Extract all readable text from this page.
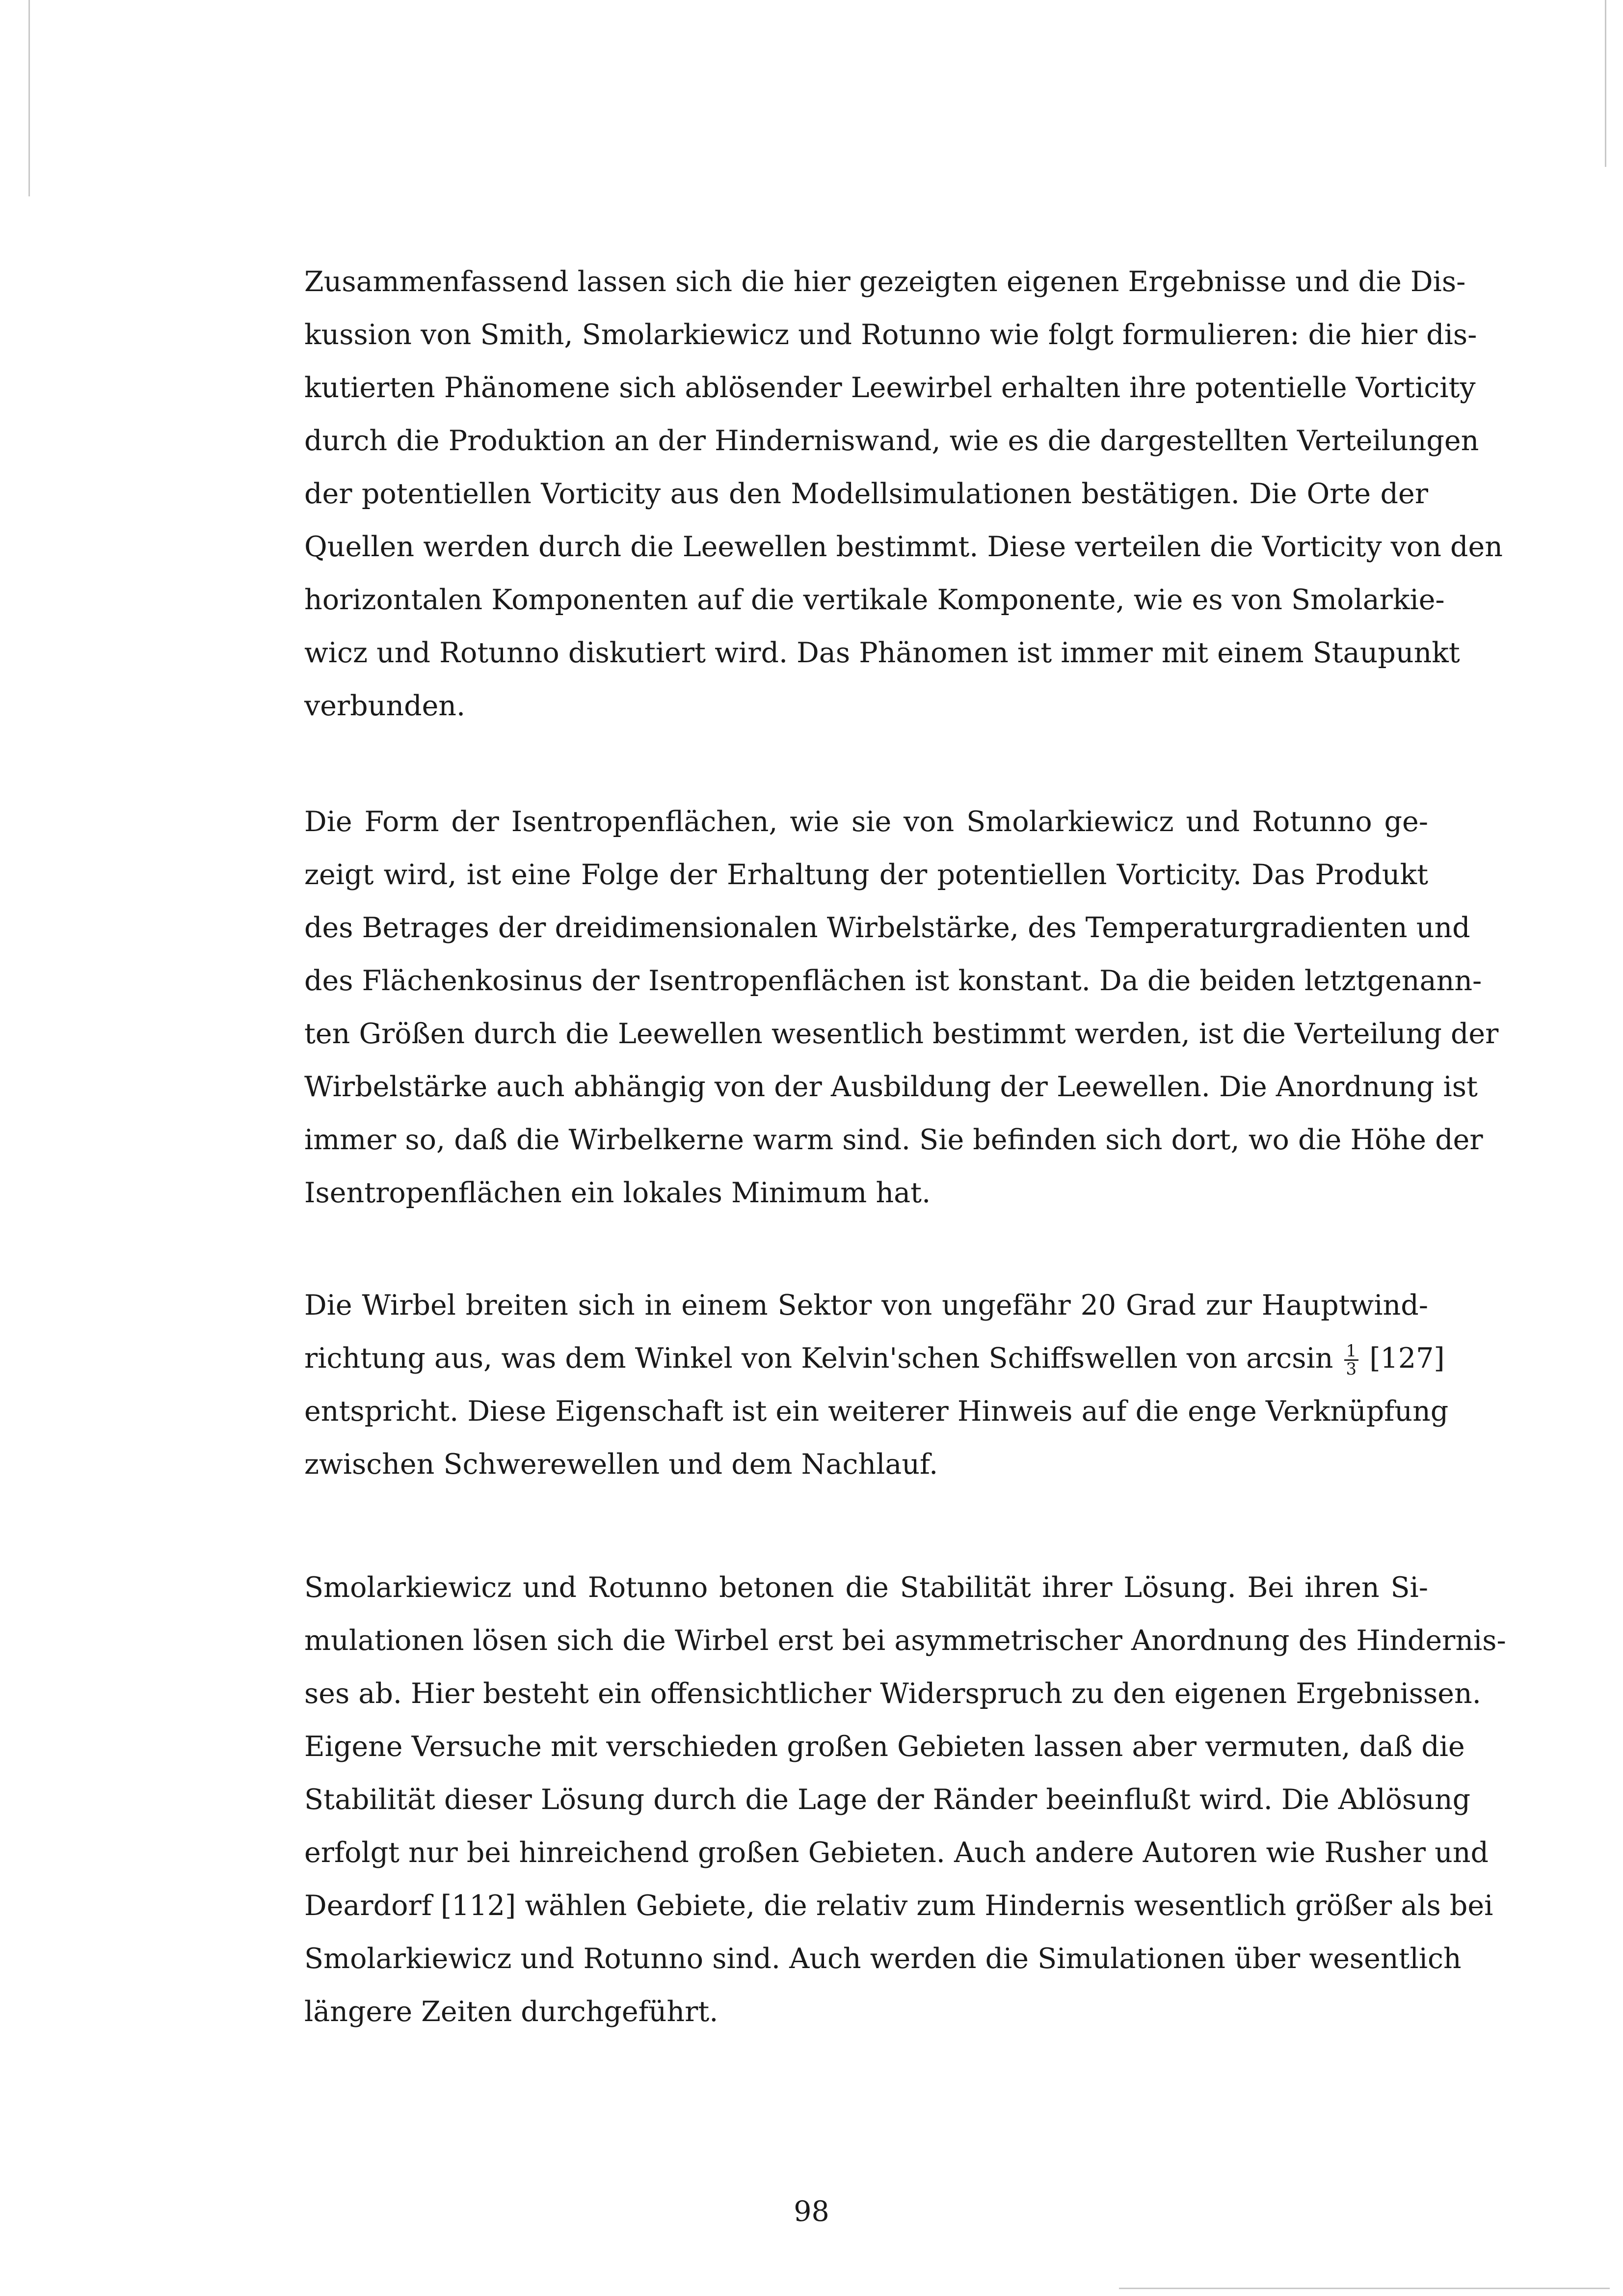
Zusammenfassend lassen sich die hier gezeigten eigenen Ergebnisse und die Dis-
kussion von Smith, Smolarkiewicz und Rotunno wie folgt formulieren: die hier dis-
kutierten Phänomene sich ablösender Leewirbel erhalten ihre potentielle Vorticity
durch die Produktion an der Hinderniswand, wie es die dargestellten Verteilungen
der potentiellen Vorticity aus den Modellsimulationen bestätigen. Die Orte der
Quellen werden durch die Leewellen bestimmt. Diese verteilen die Vorticity von den
horizontalen Komponenten auf die vertikale Komponente, wie es von Smolarkie-
wicz und Rotunno diskutiert wird. Das Phänomen ist immer mit einem Staupunkt
verbunden.
Die Form der Isentropenflächen, wie sie von Smolarkiewicz und Rotunno ge-
zeigt wird, ist eine Folge der Erhaltung der potentiellen Vorticity. Das Produkt
des Betrages der dreidimensionalen Wirbelstärke, des Temperaturgradienten und
des Flächenkosinus der Isentropenflächen ist konstant. Da die beiden letztgenann-
ten Größen durch die Leewellen wesentlich bestimmt werden, ist die Verteilung der
Wirbelstärke auch abhängig von der Ausbildung der Leewellen. Die Anordnung ist
immer so, daß die Wirbelkerne warm sind. Sie befinden sich dort, wo die Höhe der
Isentropenflächen ein lokales Minimum hat.
Die Wirbel breiten sich in einem Sektor von ungefähr 20 Grad zur Hauptwind-
richtung aus, was dem Winkel von Kelvin'schen Schiffswellen von $\arcsin \frac{1}{3} [127]$
entspricht. Diese Eigenschaft ist ein weiterer Hinweis auf die enge Verknüpfung
zwischen Schwerewellen und dem Nachlauf.
Smolarkiewicz und Rotunno betonen die Stabilität ihrer Lösung. Bei ihren Si-
mulationen lösen sich die Wirbel erst bei asymmetrischer Anordnung des Hindernis-
ses ab. Hier besteht ein offensichtlicher Widerspruch zu den eigenen Ergebnissen.
Eigene Versuche mit verschieden großen Gebieten lassen aber vermuten, daß die
Stabilität dieser Lösung durch die Lage der Ränder beeinflußt wird. Die Ablösung
erfolgt nur bei hinreichend großen Gebieten. Auch andere Autoren wie Rusher und
Deardorf [112] wählen Gebiete, die relativ zum Hindernis wesentlich größer als bei
Smolarkiewicz und Rotunno sind. Auch werden die Simulationen über wesentlich
längere Zeiten durchgeführt.
98
